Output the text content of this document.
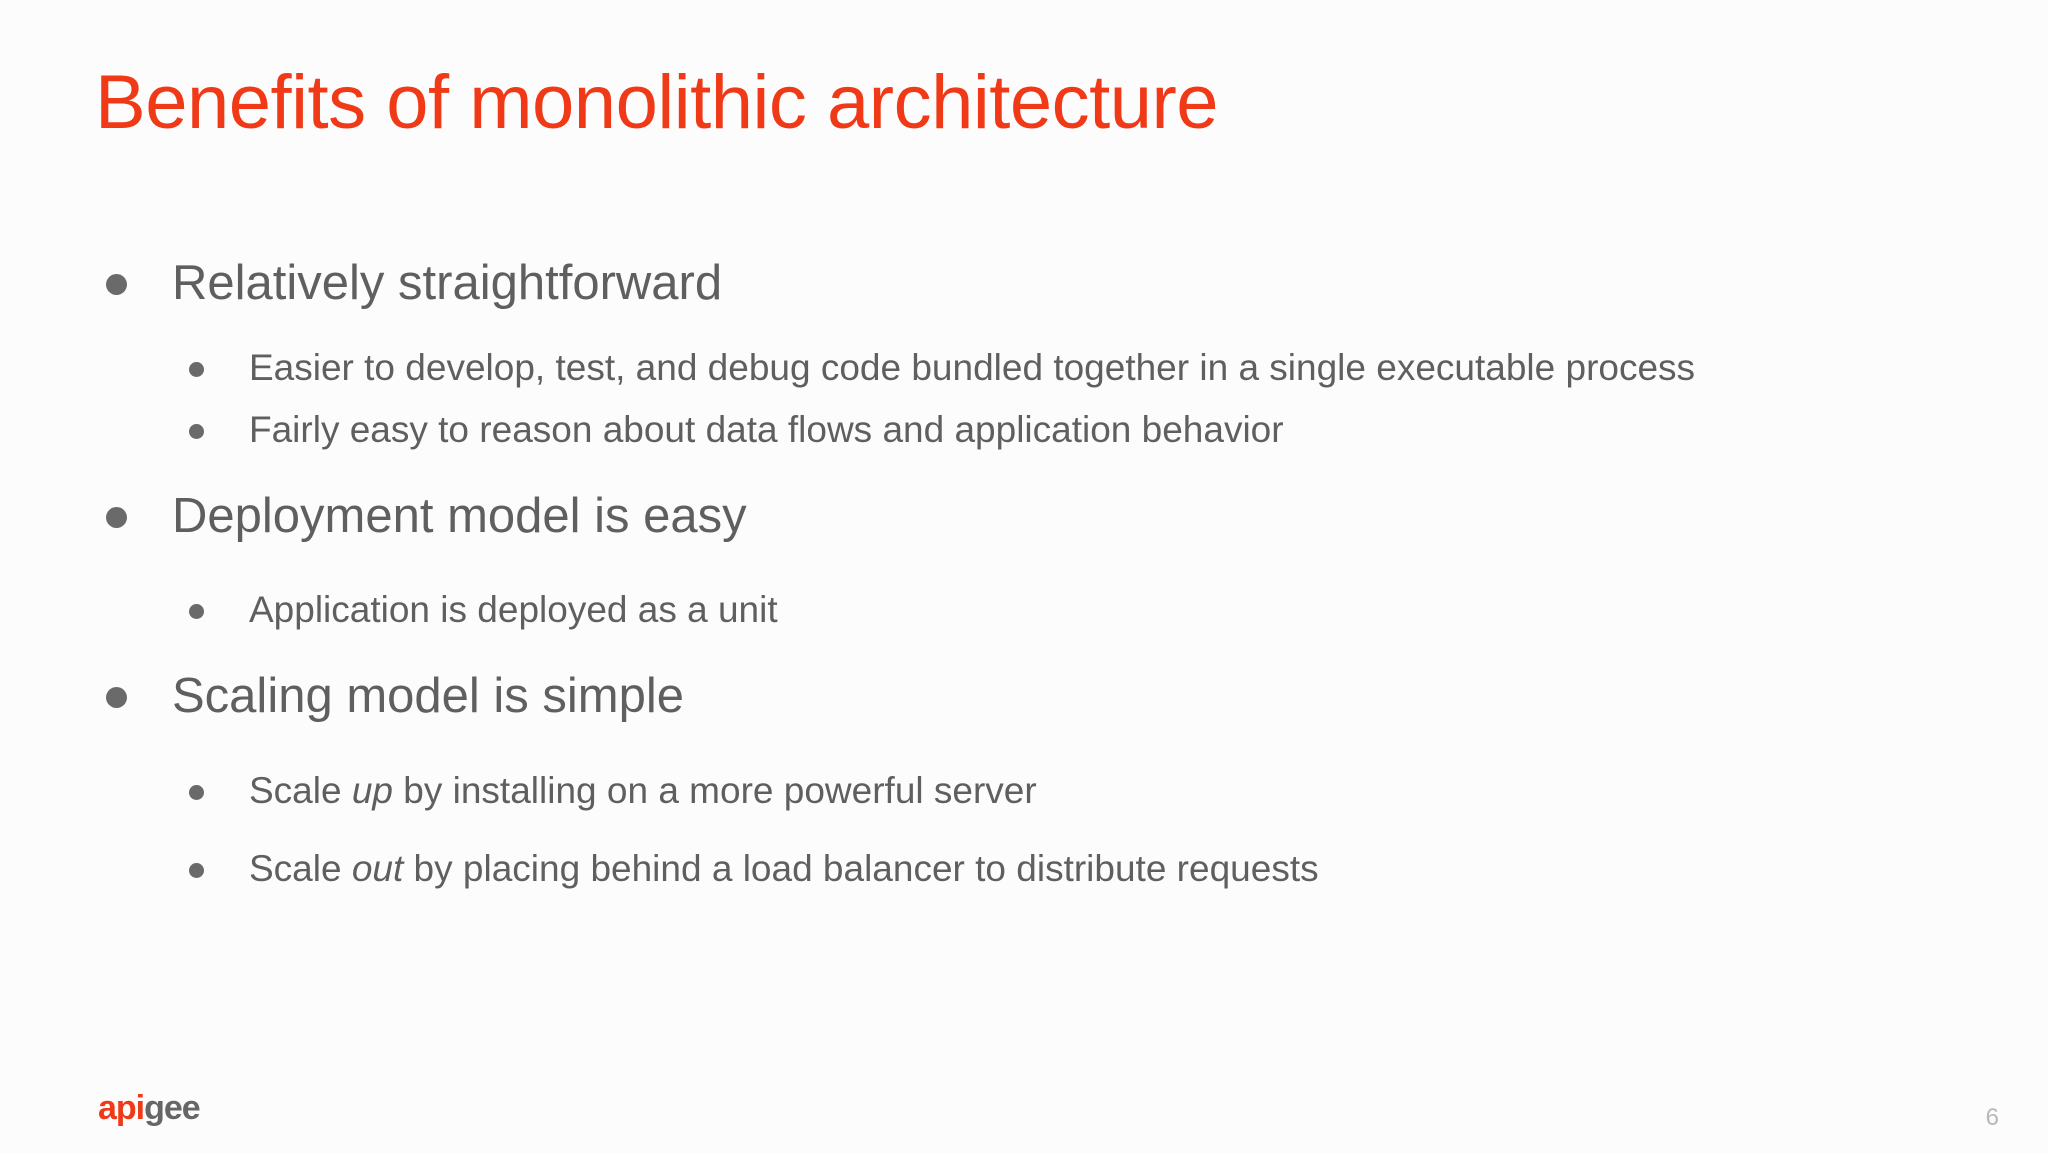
Benefits of monolithic architecture
Relatively straightforward
Easier to develop, test, and debug code bundled together in a single executable process
Fairly easy to reason about data flows and application behavior
Deployment model is easy
Application is deployed as a unit
Scaling model is simple
Scale up by installing on a more powerful server
Scale out by placing behind a load balancer to distribute requests
apigee	6
